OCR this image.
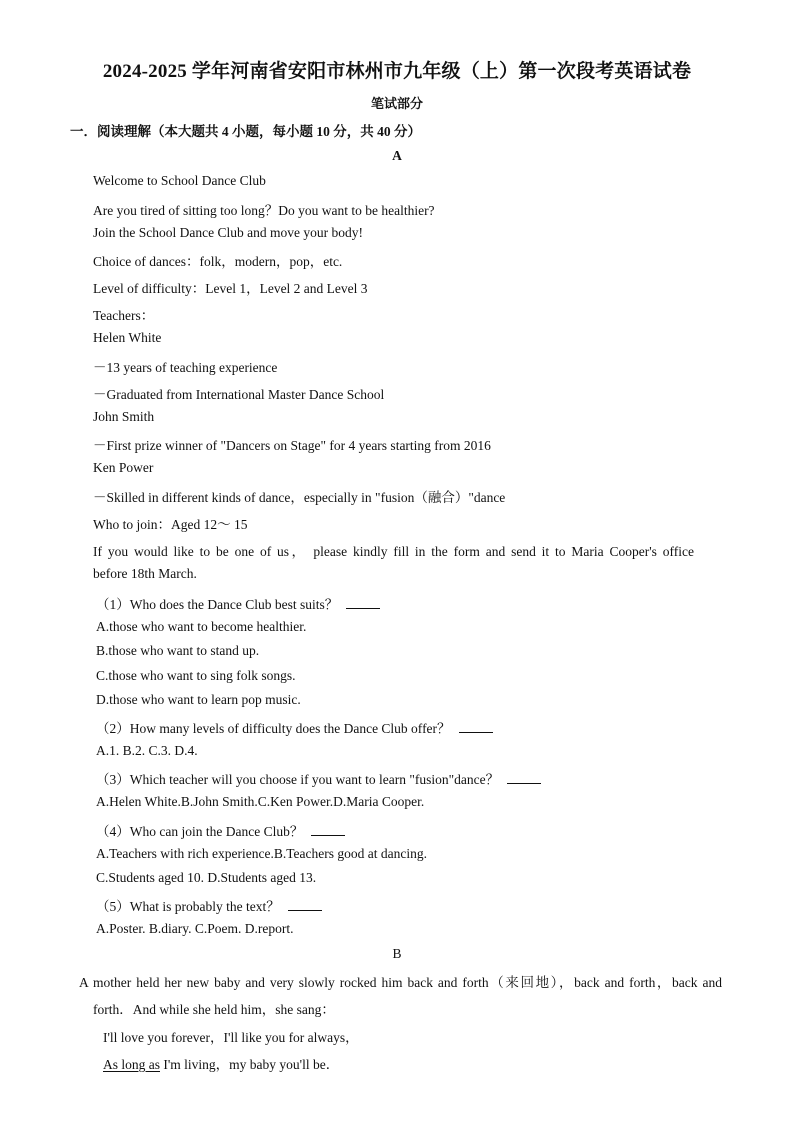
2024-2025 学年河南省安阳市林州市九年级（上）第一次段考英语试卷
笔试部分
一．阅读理解（本大题共 4 小题，每小题 10 分，共 40 分）
A
Welcome to School Dance Club
Are you tired of sitting too long？Do you want to be healthier?
Join the School Dance Club and move your body!
Choice of dances：folk，modern，pop，etc.
Level of difficulty：Level 1，Level 2 and Level 3
Teachers：
Helen White
－13 years of teaching experience
－Graduated from International Master Dance School
John Smith
－First prize winner of "Dancers on Stage" for 4 years starting from 2016
Ken Power
－Skilled in different kinds of dance，especially in "fusion（融合）"dance
Who to join：Aged 12～ 15
If you would like to be one of us， please kindly fill in the form and send it to Maria Cooper's office
before 18th March.
（1）Who does the Dance Club best suits？
A.those who want to become healthier.
B.those who want to stand up.
C.those who want to sing folk songs.
D.those who want to learn pop music.
（2）How many levels of difficulty does the Dance Club offer？
A.1. B.2. C.3. D.4.
（3）Which teacher will you choose if you want to learn "fusion"dance？
A.Helen White.B.John Smith.C.Ken Power.D.Maria Cooper.
（4）Who can join the Dance Club？
A.Teachers with rich experience.B.Teachers good at dancing.
C.Students aged 10. D.Students aged 13.
（5）What is probably the text？
A.Poster. B.diary. C.Poem. D.report.
B
A mother held her new baby and very slowly rocked him back and forth（来回地），back and forth，back and
forth．And while she held him，she sang：
I'll love you forever，I'll like you for always，
As long as I'm living，my baby you'll be．
